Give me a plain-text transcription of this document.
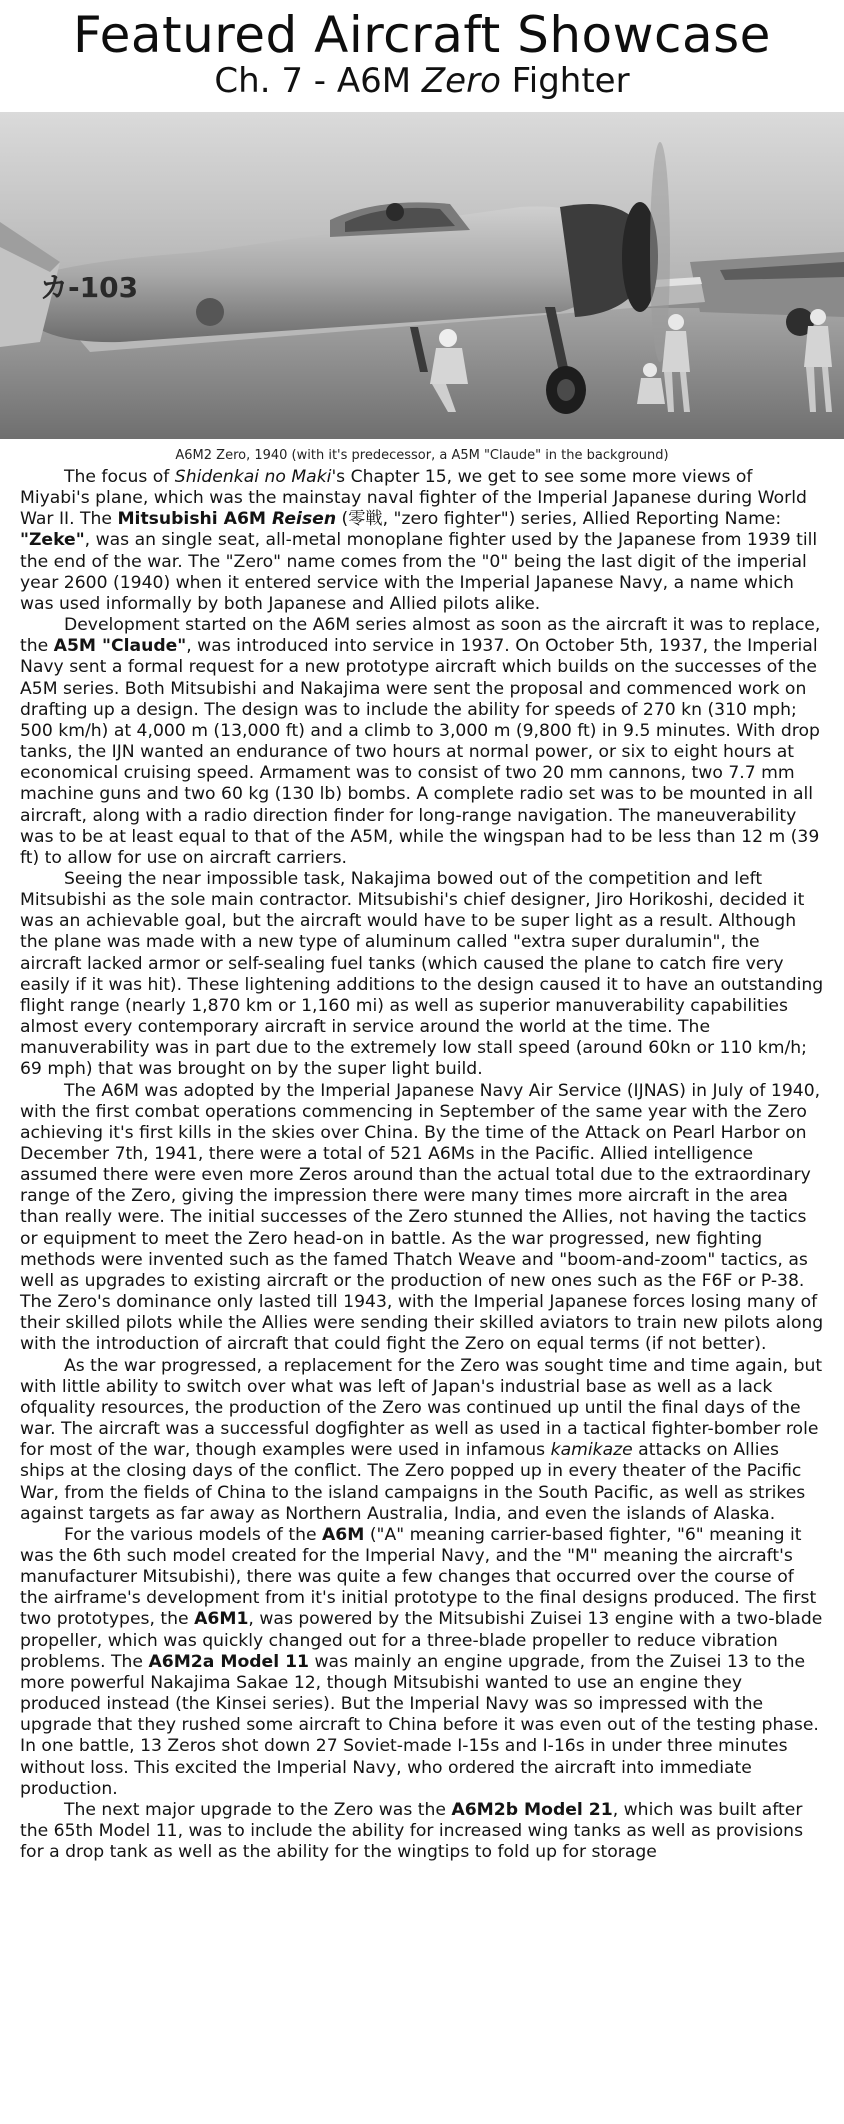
Featured Aircraft Showcase
Ch. 7 - A6M Zero Fighter
カ-103
A6M2 Zero, 1940 (with it's predecessor, a A5M "Claude" in the background)

The focus of Shidenkai no Maki's Chapter 15, we get to see some more views of Miyabi's plane, which was the mainstay naval fighter of the Imperial Japanese during World War II. The Mitsubishi A6M Reisen (零戦, "zero fighter") series, Allied Reporting Name: "Zeke", was an single seat, all-metal monoplane fighter used by the Japanese from 1939 till the end of the war. The "Zero" name comes from the "0" being the last digit of the imperial year 2600 (1940) when it entered service with the Imperial Japanese Navy, a name which was used informally by both Japanese and Allied pilots alike.

Development started on the A6M series almost as soon as the aircraft it was to replace, the A5M "Claude", was introduced into service in 1937. On October 5th, 1937, the Imperial Navy sent a formal request for a new prototype aircraft which builds on the successes of the A5M series. Both Mitsubishi and Nakajima were sent the proposal and commenced work on drafting up a design. The design was to include the ability for speeds of 270 kn (310 mph; 500 km/h) at 4,000 m (13,000 ft) and a climb to 3,000 m (9,800 ft) in 9.5 minutes. With drop tanks, the IJN wanted an endurance of two hours at normal power, or six to eight hours at economical cruising speed. Armament was to consist of two 20 mm cannons, two 7.7 mm machine guns and two 60 kg (130 lb) bombs. A complete radio set was to be mounted in all aircraft, along with a radio direction finder for long-range navigation. The maneuverability was to be at least equal to that of the A5M, while the wingspan had to be less than 12 m (39 ft) to allow for use on aircraft carriers.

Seeing the near impossible task, Nakajima bowed out of the competition and left Mitsubishi as the sole main contractor. Mitsubishi's chief designer, Jiro Horikoshi, decided it was an achievable goal, but the aircraft would have to be super light as a result. Although the plane was made with a new type of aluminum called "extra super duralumin", the aircraft lacked armor or self-sealing fuel tanks (which caused the plane to catch fire very easily if it was hit). These lightening additions to the design caused it to have an outstanding flight range (nearly 1,870 km or 1,160 mi) as well as superior manuverability capabilities almost every contemporary aircraft in service around the world at the time. The manuverability was in part due to the extremely low stall speed (around 60kn or 110 km/h; 69 mph) that was brought on by the super light build.

The A6M was adopted by the Imperial Japanese Navy Air Service (IJNAS) in July of 1940, with the first combat operations commencing in September of the same year with the Zero achieving it's first kills in the skies over China. By the time of the Attack on Pearl Harbor on December 7th, 1941, there were a total of 521 A6Ms in the Pacific. Allied intelligence assumed there were even more Zeros around than the actual total due to the extraordinary range of the Zero, giving the impression there were many times more aircraft in the area than really were. The initial successes of the Zero stunned the Allies, not having the tactics or equipment to meet the Zero head-on in battle. As the war progressed, new fighting methods were invented such as the famed Thatch Weave and "boom-and-zoom" tactics, as well as upgrades to existing aircraft or the production of new ones such as the F6F or P-38. The Zero's dominance only lasted till 1943, with the Imperial Japanese forces losing many of their skilled pilots while the Allies were sending their skilled aviators to train new pilots along with the introduction of aircraft that could fight the Zero on equal terms (if not better).

As the war progressed, a replacement for the Zero was sought time and time again, but with little ability to switch over what was left of Japan's industrial base as well as a lack ofquality resources, the production of the Zero was continued up until the final days of the war. The aircraft was a successful dogfighter as well as used in a tactical fighter-bomber role for most of the war, though examples were used in infamous kamikaze attacks on Allies ships at the closing days of the conflict. The Zero popped up in every theater of the Pacific War, from the fields of China to the island campaigns in the South Pacific, as well as strikes against targets as far away as Northern Australia, India, and even the islands of Alaska.

For the various models of the A6M ("A" meaning carrier-based fighter, "6" meaning it was the 6th such model created for the Imperial Navy, and the "M" meaning the aircraft's manufacturer Mitsubishi), there was quite a few changes that occurred over the course of the airframe's development from it's initial prototype to the final designs produced. The first two prototypes, the A6M1, was powered by the Mitsubishi Zuisei 13 engine with a two-blade propeller, which was quickly changed out for a three-blade propeller to reduce vibration problems. The A6M2a Model 11 was mainly an engine upgrade, from the Zuisei 13 to the more powerful Nakajima Sakae 12, though Mitsubishi wanted to use an engine they produced instead (the Kinsei series). But the Imperial Navy was so impressed with the upgrade that they rushed some aircraft to China before it was even out of the testing phase. In one battle, 13 Zeros shot down 27 Soviet-made I-15s and I-16s in under three minutes without loss. This excited the Imperial Navy, who ordered the aircraft into immediate production.

The next major upgrade to the Zero was the A6M2b Model 21, which was built after the 65th Model 11, was to include the ability for increased wing tanks as well as provisions for a drop tank as well as the ability for the wingtips to fold up for storage
